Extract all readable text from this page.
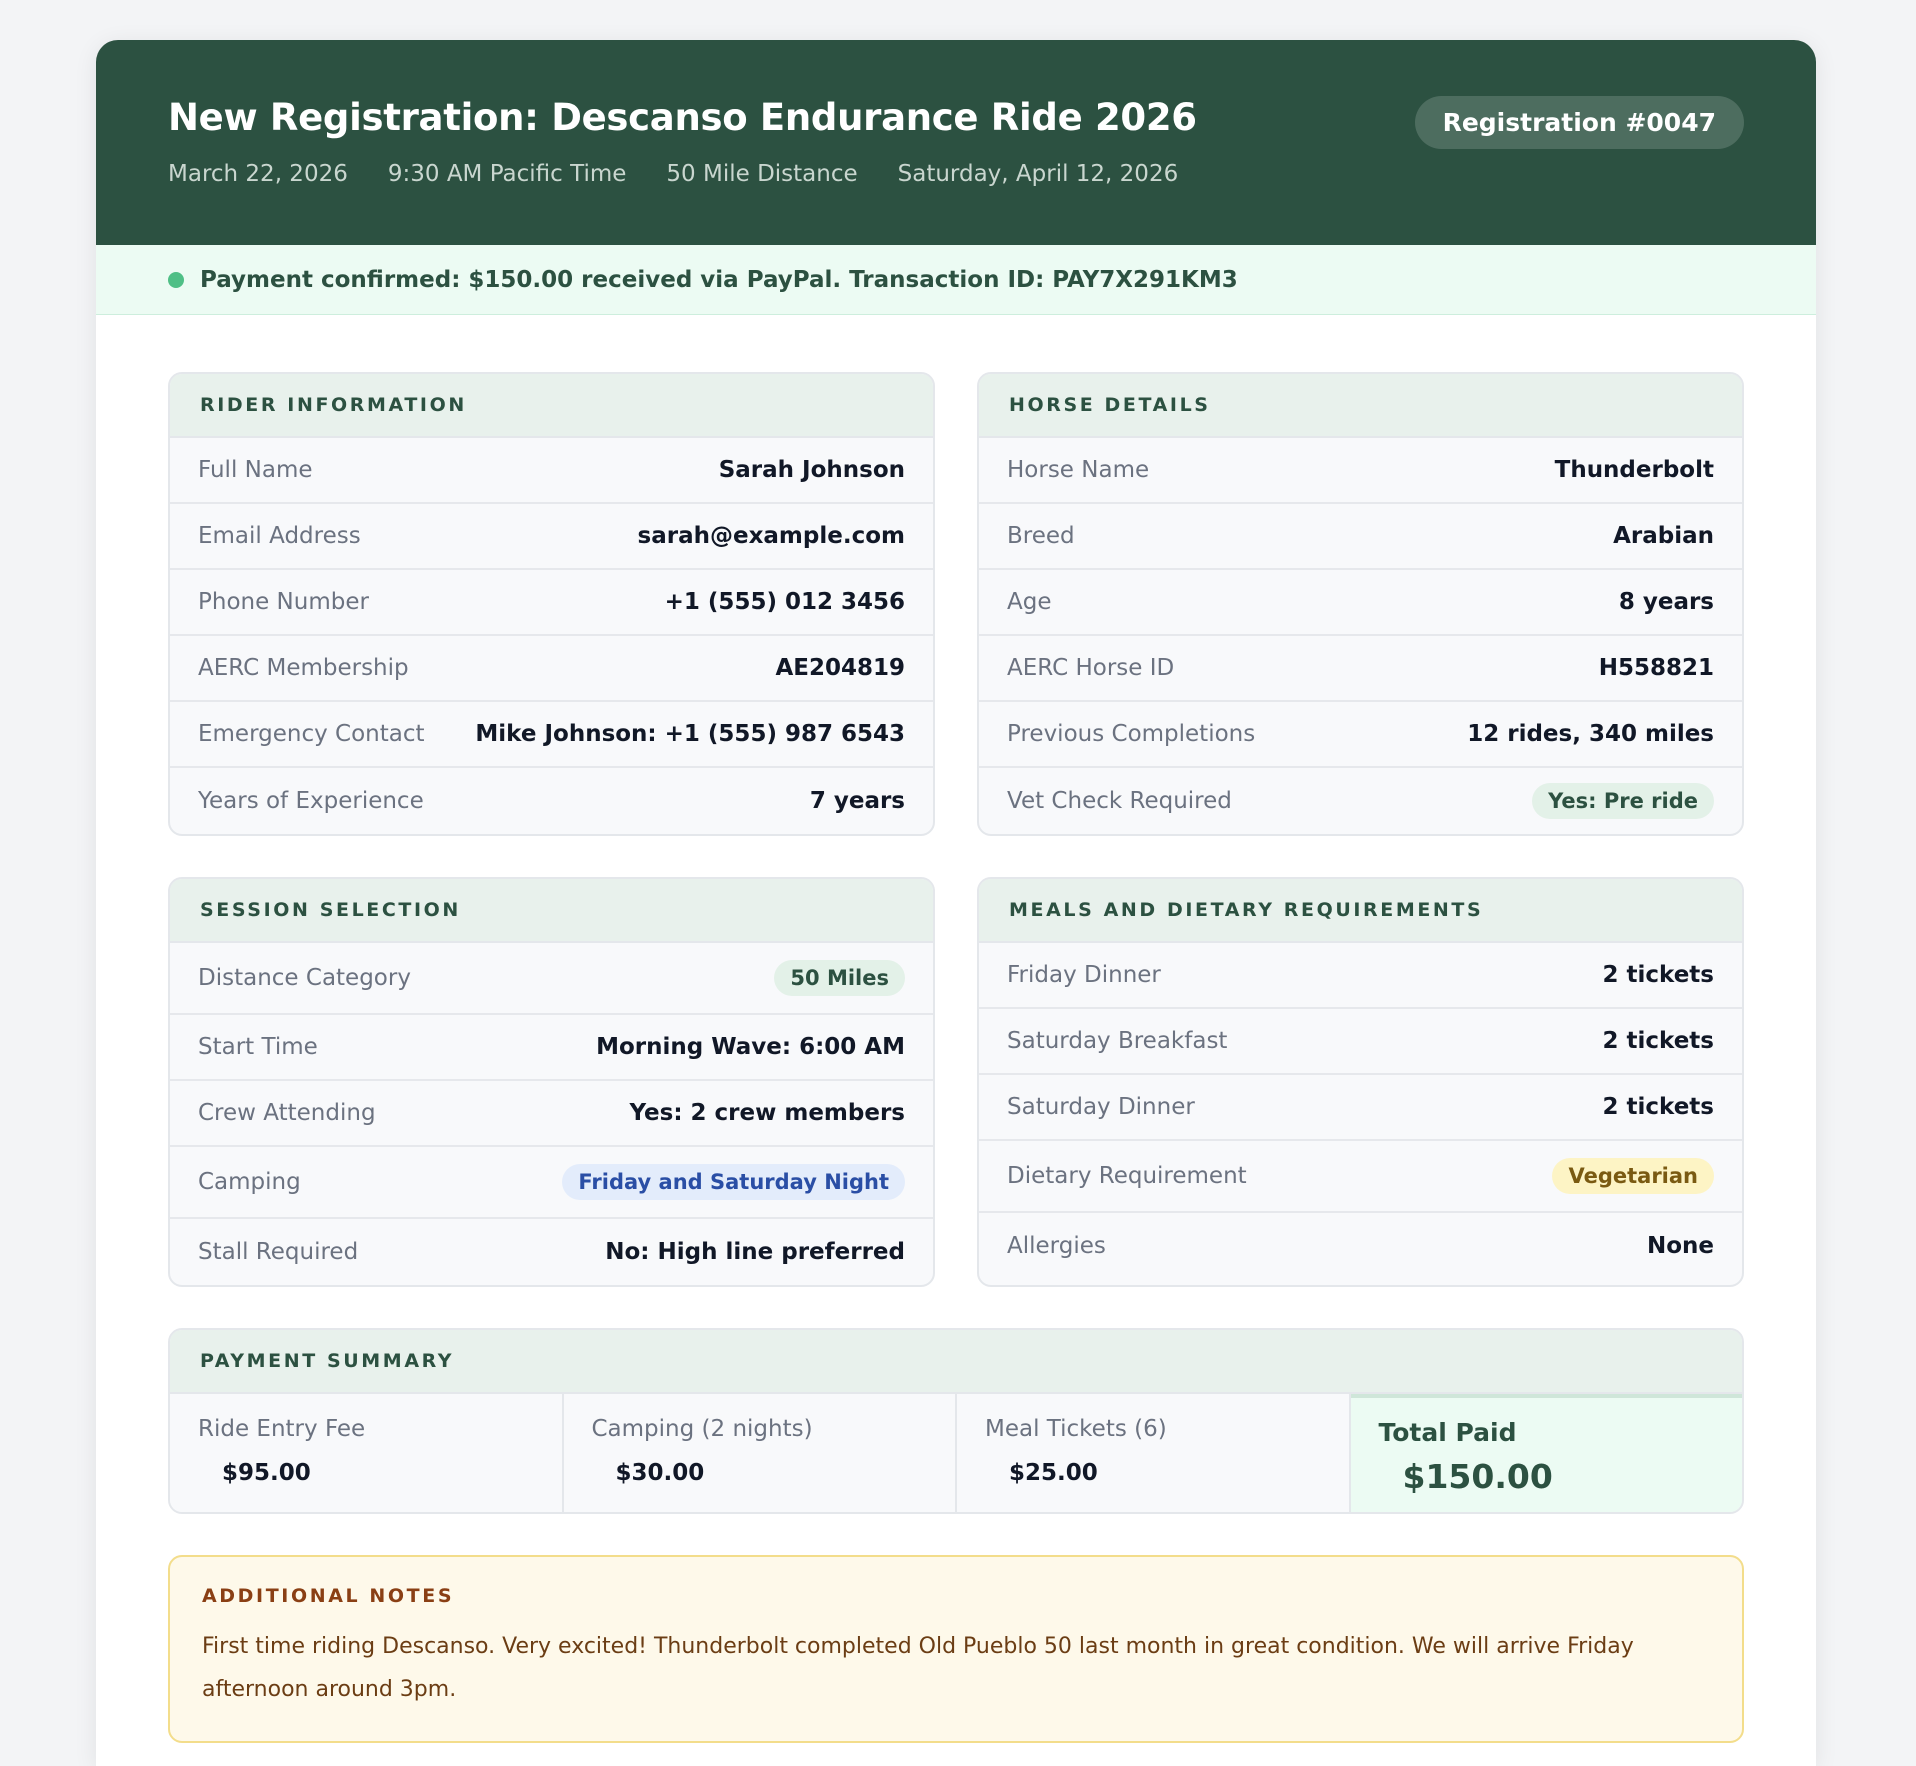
New Registration: Descanso Endurance Ride 2026
March 22, 2026 9:30 AM Pacific Time 50 Mile Distance Saturday, April 12, 2026
Registration #0047
Payment confirmed: $150.00 received via PayPal. Transaction ID: PAY7X291KM3
RIDER INFORMATION
Full Name	Sarah Johnson
Email Address	sarah@example.com
Phone Number	+1 (555) 012 3456
AERC Membership	AE204819
Emergency Contact Mike Johnson: +1 (555) 987 6543
Years of Experience	7 years
HORSE DETAILS
Horse Name	Thunderbolt
Breed	Arabian
Age	8 years
AERC Horse ID	H558821
Previous Completions	12 rides, 340 miles
Vet Check Required	Yes: Pre ride
SESSION SELECTION
Distance Category	50 Miles
Start Time	Morning Wave: 6:00 AM
Crew Attending	Yes: 2 crew members
Camping	Friday and Saturday Night
Stall Required	No: High line preferred
MEALS AND DIETARY REQUIREMENTS
Friday Dinner	2 tickets
Saturday Breakfast	2 tickets
Saturday Dinner	2 tickets
Dietary Requirement	Vegetarian
Allergies	None
PAYMENT SUMMARY
Ride Entry Fee
$95.00
Camping (2 nights)
$30.00
Meal Tickets (6)
$25.00
Total Paid
$150.00
ADDITIONAL NOTES
First time riding Descanso. Very excited! Thunderbolt completed Old Pueblo 50 last month in great condition. We will arrive Friday afternoon around 3pm.
